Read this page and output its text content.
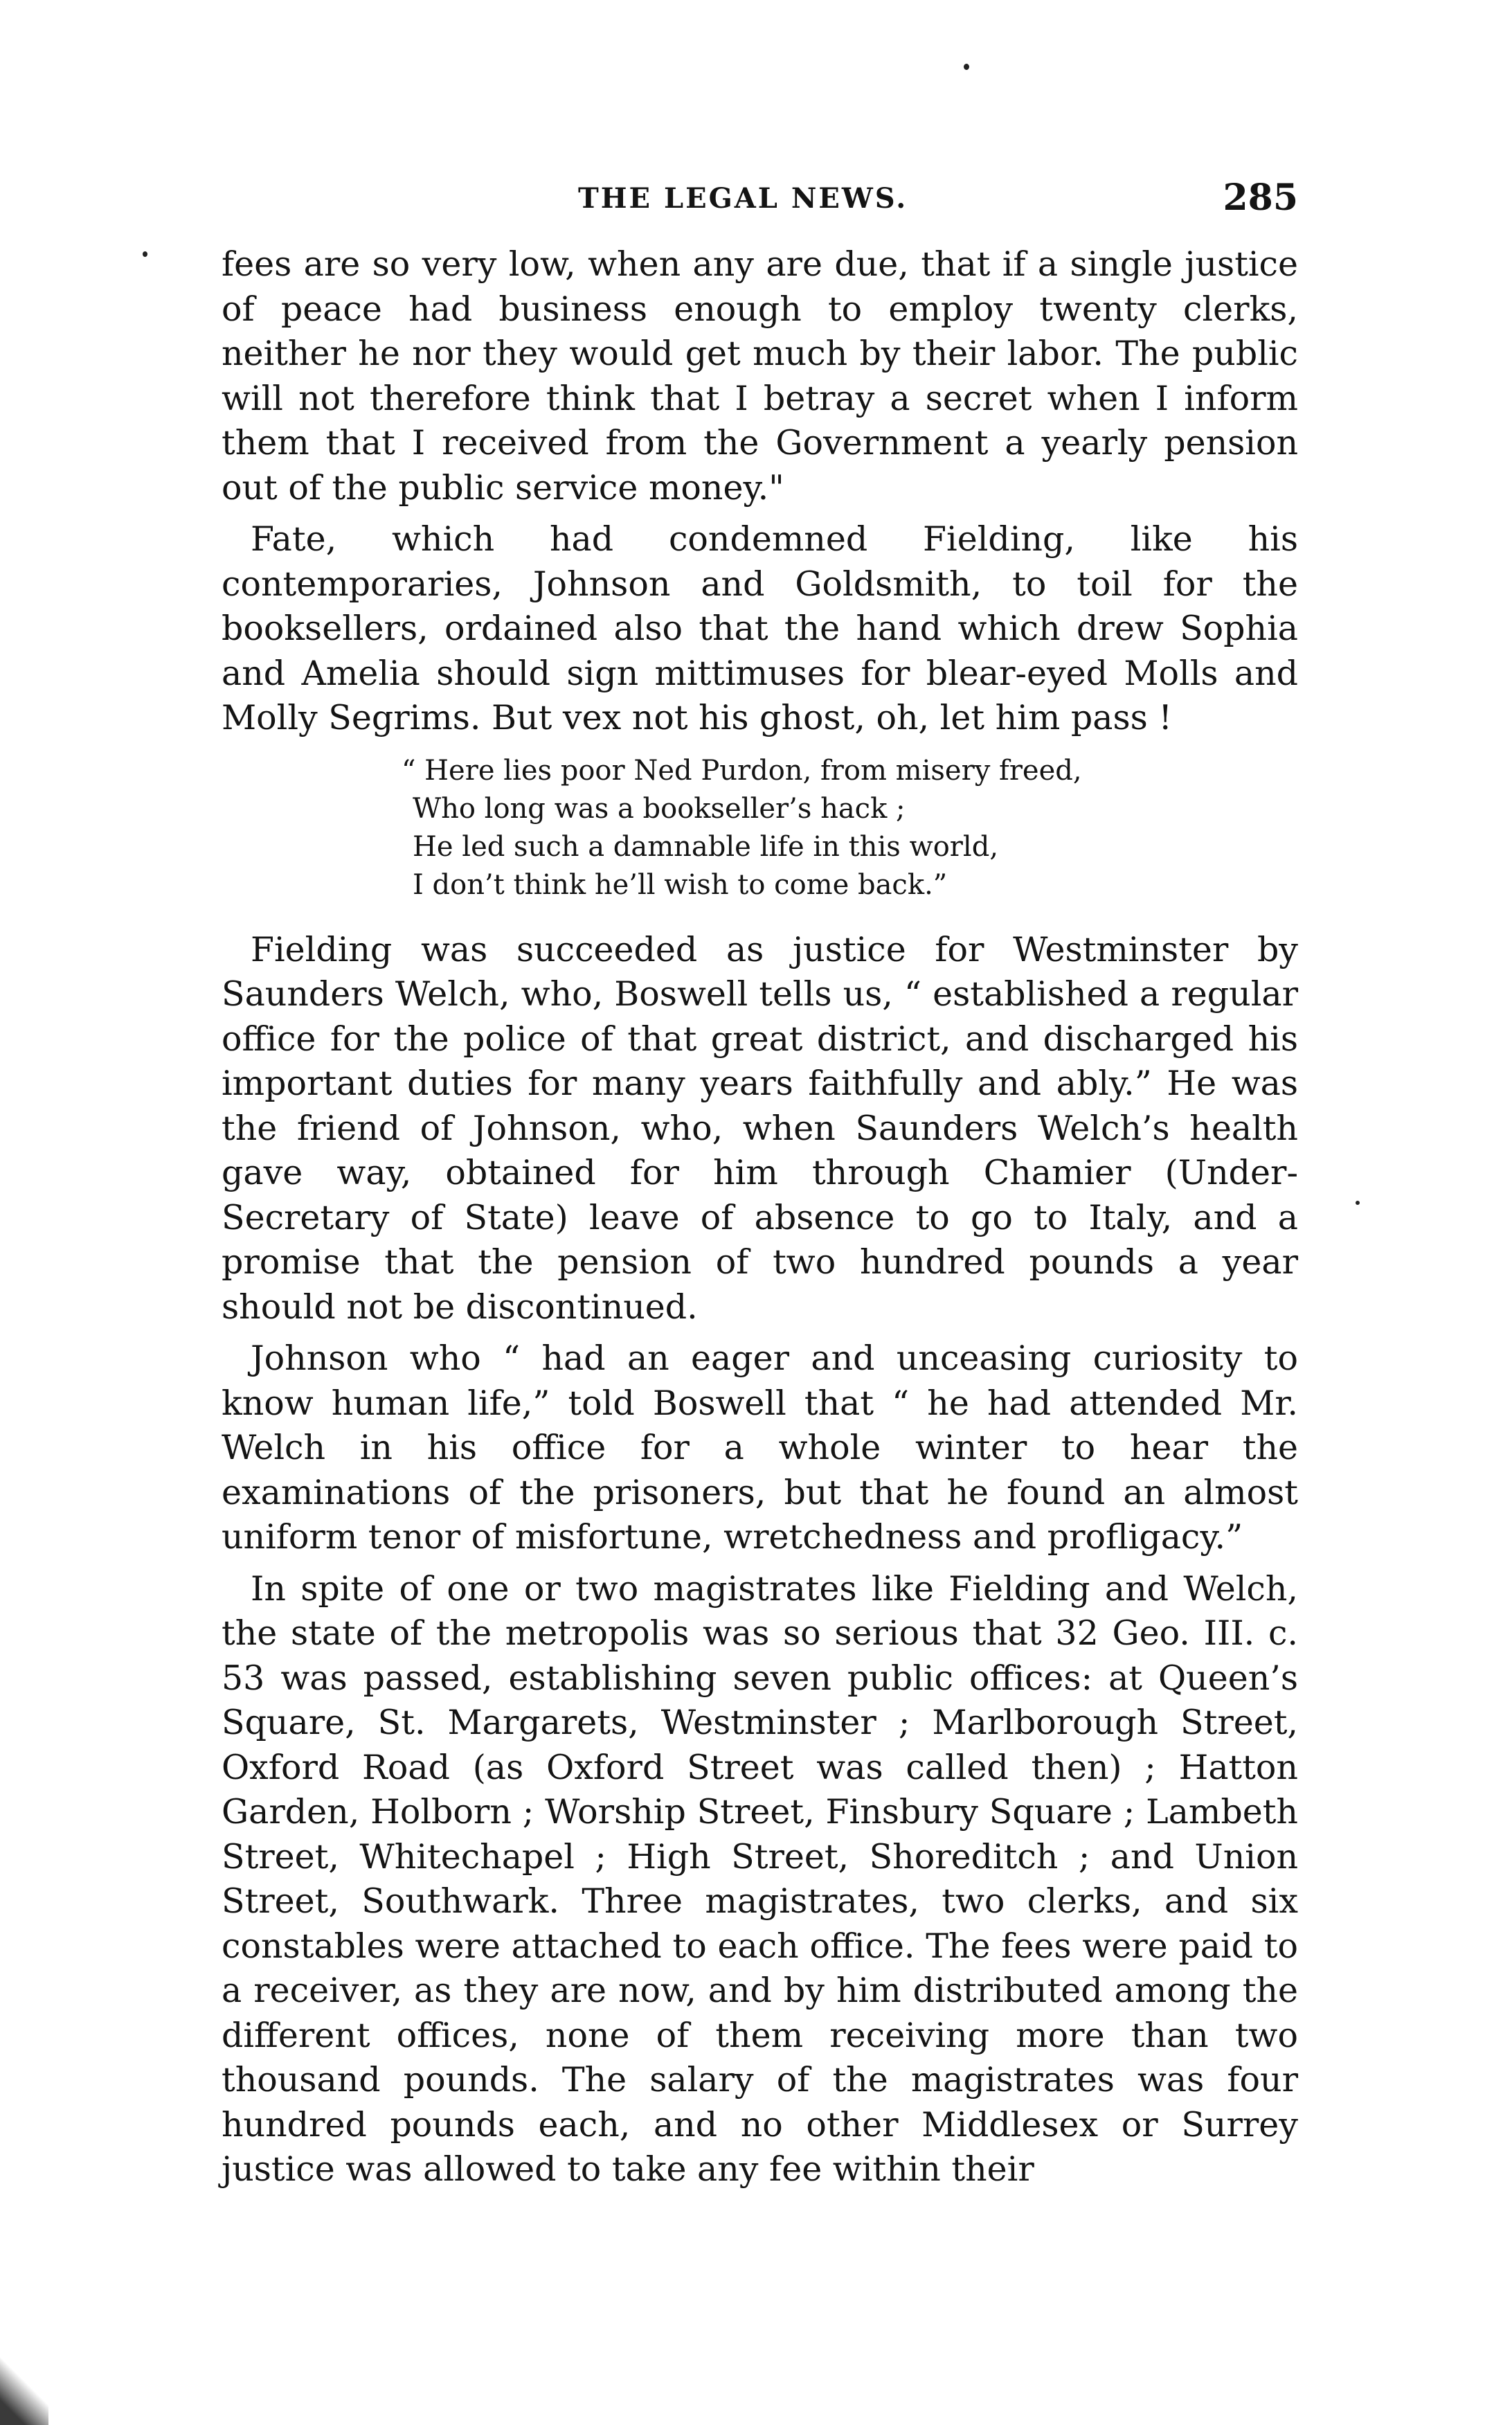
THE LEGAL NEWS.	285

fees are so very low, when any are due, that if a single justice of peace had business enough to employ twenty clerks, neither he nor they would get much by their labor. The public will not therefore think that I betray a secret when I inform them that I received from the Government a yearly pension out of the public service money."

Fate, which had condemned Fielding, like his contemporaries, Johnson and Goldsmith, to toil for the booksellers, ordained also that the hand which drew Sophia and Amelia should sign mittimuses for blear-eyed Molls and Molly Segrims. But vex not his ghost, oh, let him pass !

“ Here lies poor Ned Purdon, from misery freed,
Who long was a bookseller’s hack ;
He led such a damnable life in this world,
I don’t think he’ll wish to come back.”

Fielding was succeeded as justice for Westminster by Saunders Welch, who, Boswell tells us, “ established a regular office for the police of that great district, and discharged his important duties for many years faithfully and ably.” He was the friend of Johnson, who, when Saunders Welch’s health gave way, obtained for him through Chamier (Under-Secretary of State) leave of absence to go to Italy, and a promise that the pension of two hundred pounds a year should not be discontinued.

Johnson who “ had an eager and unceasing curiosity to know human life,” told Boswell that “ he had attended Mr. Welch in his office for a whole winter to hear the examinations of the prisoners, but that he found an almost uniform tenor of misfortune, wretchedness and profligacy.”

In spite of one or two magistrates like Fielding and Welch, the state of the metropolis was so serious that 32 Geo. III. c. 53 was passed, establishing seven public offices: at Queen’s Square, St. Margarets, Westminster ; Marlborough Street, Oxford Road (as Oxford Street was called then) ; Hatton Garden, Holborn ; Worship Street, Finsbury Square ; Lambeth Street, Whitechapel ; High Street, Shoreditch ; and Union Street, Southwark. Three magistrates, two clerks, and six constables were attached to each office. The fees were paid to a receiver, as they are now, and by him distributed among the different offices, none of them receiving more than two thousand pounds. The salary of the magistrates was four hundred pounds each, and no other Middlesex or Surrey justice was allowed to take any fee within their
